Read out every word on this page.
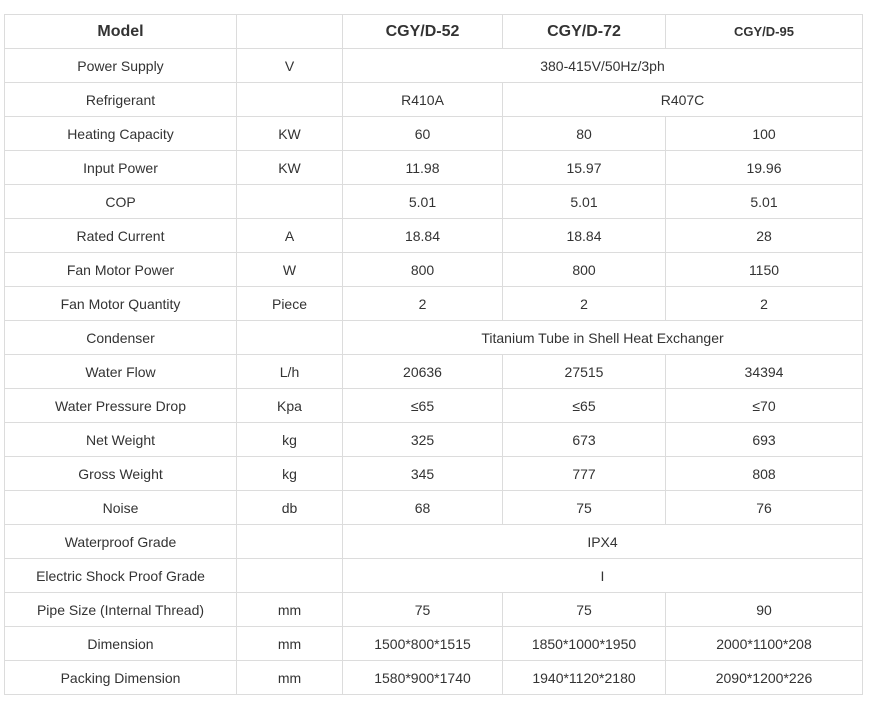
Model		CGY/D-52	CGY/D-72	CGY/D-95
Power Supply	V	380-415V/50Hz/3ph		
Refrigerant		R410A	R407C	
Heating Capacity	KW	60	80	100
Input Power	KW	11.98	15.97	19.96
COP		5.01	5.01	5.01
Rated Current	A	18.84	18.84	28
Fan Motor Power	W	800	800	1150
Fan Motor Quantity	Piece	2	2	2
Condenser		Titanium Tube in Shell Heat Exchanger		
Water Flow	L/h	20636	27515	34394
Water Pressure Drop	Kpa	≤65	≤65	≤70
Net Weight	kg	325	673	693
Gross Weight	kg	345	777	808
Noise	db	68	75	76
Waterproof Grade		IPX4		
Electric Shock Proof Grade		I		
Pipe Size (Internal Thread)	mm	75	75	90
Dimension	mm	1500*800*1515	1850*1000*1950	2000*1100*208
Packing Dimension	mm	1580*900*1740	1940*1120*2180	2090*1200*226
